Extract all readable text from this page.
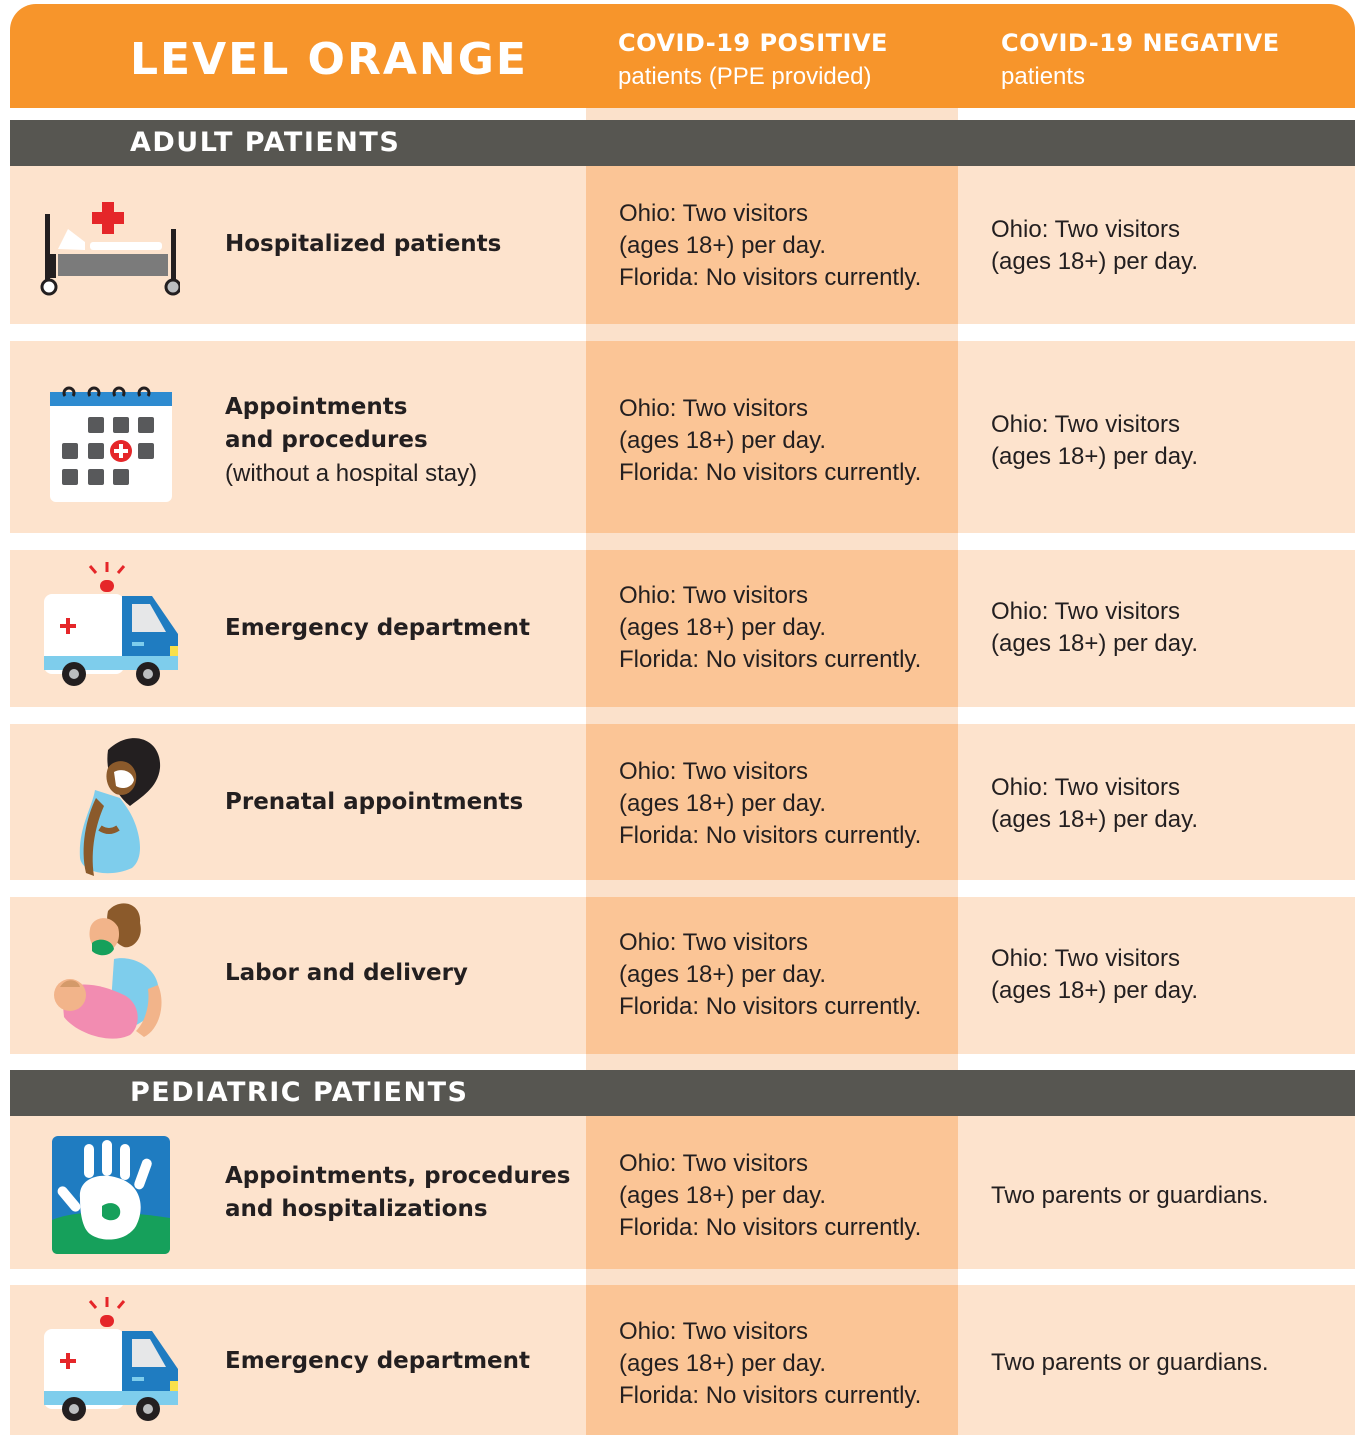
LEVEL ORANGE	COVID-19 POSITIVE
patients (PPE provided)
COVID-19 NEGATIVE
patients
ADULT PATIENTS
Hospitalized patients
Ohio: Two visitors
(ages 18+) per day.
Florida: No visitors currently.
Ohio: Two visitors
(ages 18+) per day.
Appointments
and procedures
(without a hospital stay)
Ohio: Two visitors
(ages 18+) per day.
Florida: No visitors currently.
Ohio: Two visitors
(ages 18+) per day.
Emergency department
Ohio: Two visitors
(ages 18+) per day.
Florida: No visitors currently.
Ohio: Two visitors
(ages 18+) per day.
Prenatal appointments
Ohio: Two visitors
(ages 18+) per day.
Florida: No visitors currently.
Ohio: Two visitors
(ages 18+) per day.
Labor and delivery
Ohio: Two visitors
(ages 18+) per day.
Florida: No visitors currently.
Ohio: Two visitors
(ages 18+) per day.
PEDIATRIC PATIENTS
Appointments, procedures
and hospitalizations
Ohio: Two visitors
(ages 18+) per day.
Florida: No visitors currently.
Two parents or guardians.
Emergency department
Ohio: Two visitors
(ages 18+) per day.
Florida: No visitors currently.
Two parents or guardians.
